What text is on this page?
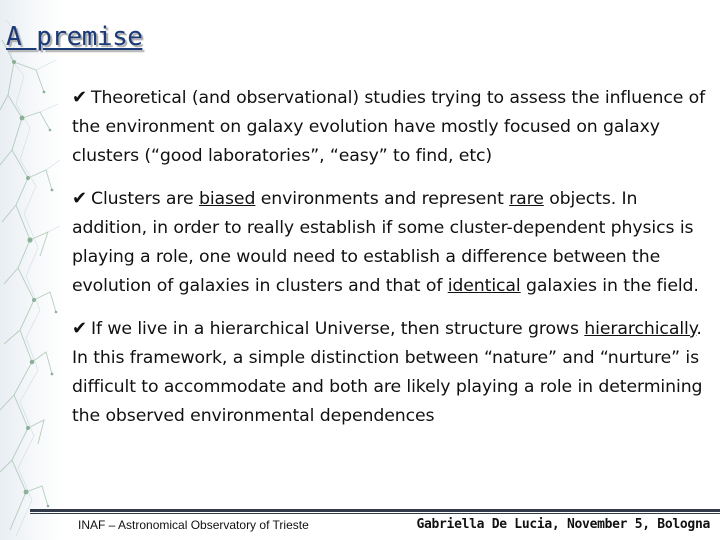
A premise
✔ Theoretical (and observational) studies trying to assess the influence of the environment on galaxy evolution have mostly focused on galaxy clusters (“good laboratories”, “easy” to find, etc)
✔ Clusters are biased environments and represent rare objects. In addition, in order to really establish if some cluster-dependent physics is playing a role, one would need to establish a difference between the evolution of galaxies in clusters and that of identical galaxies in the field.
✔ If we live in a hierarchical Universe, then structure grows hierarchically. In this framework, a simple distinction between “nature” and “nurture” is difficult to accommodate and both are likely playing a role in determining the observed environmental dependences
INAF – Astronomical Observatory of Trieste	Gabriella De Lucia, November 5, Bologna
